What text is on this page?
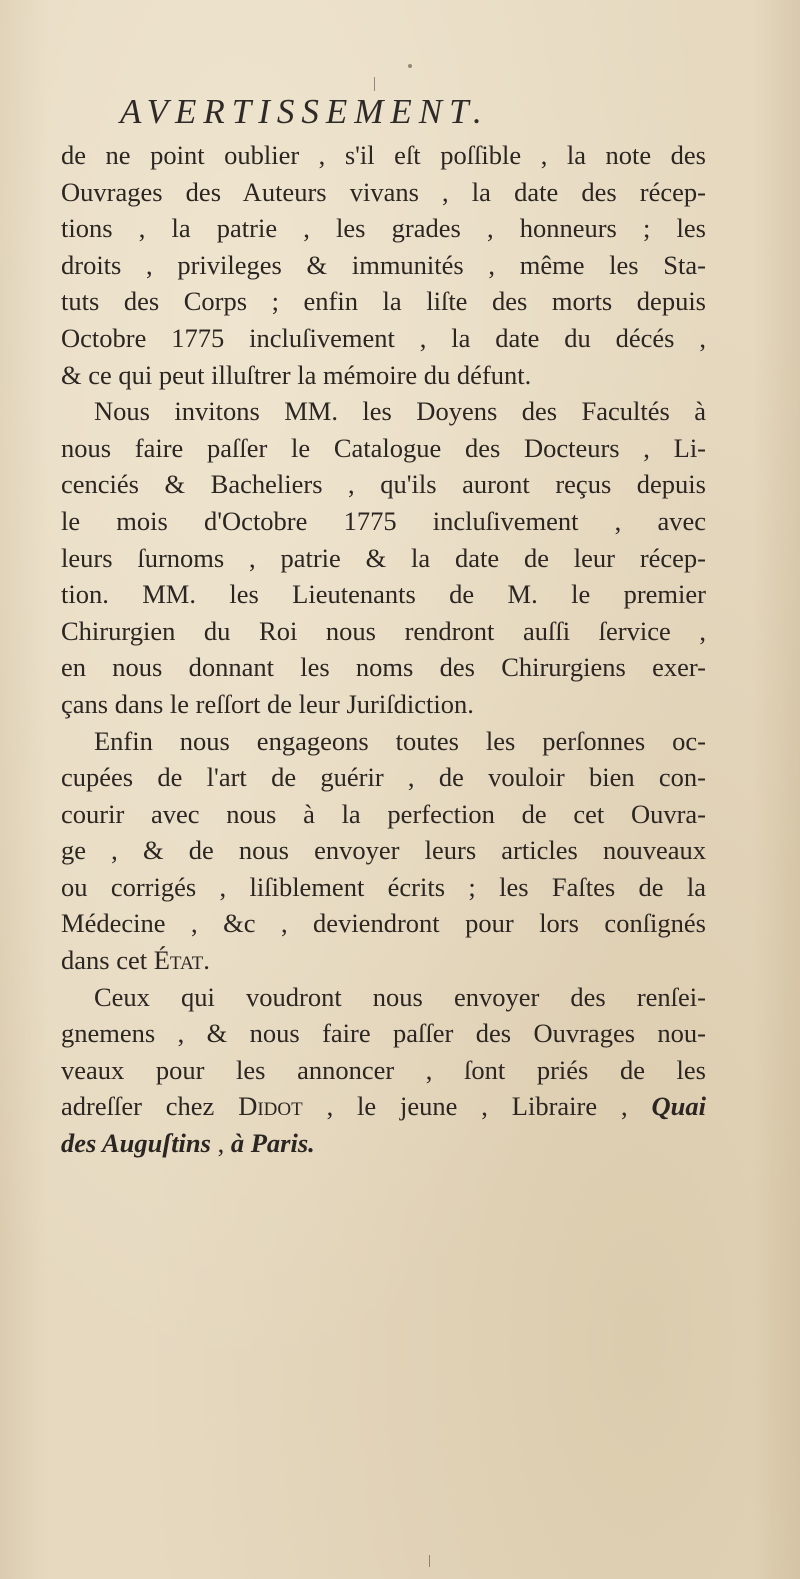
AVERTISSEMENT.
de ne point oublier , s'il eſt poſſible , la note des
Ouvrages des Auteurs vivans , la date des récep-
tions , la patrie , les grades , honneurs ; les
droits , privileges & immunités , même les Sta-
tuts des Corps ; enfin la liſte des morts depuis
Octobre 1775 incluſivement , la date du décés ,
& ce qui peut illuſtrer la mémoire du défunt.
Nous invitons MM. les Doyens des Facultés à
nous faire paſſer le Catalogue des Docteurs , Li-
cenciés & Bacheliers , qu'ils auront reçus depuis
le mois d'Octobre 1775 incluſivement , avec
leurs ſurnoms , patrie & la date de leur récep-
tion. MM. les Lieutenants de M. le premier
Chirurgien du Roi nous rendront auſſi ſervice ,
en nous donnant les noms des Chirurgiens exer-
çans dans le reſſort de leur Juriſdiction.
Enfin nous engageons toutes les perſonnes oc-
cupées de l'art de guérir , de vouloir bien con-
courir avec nous à la perfection de cet Ouvra-
ge , & de nous envoyer leurs articles nouveaux
ou corrigés , liſiblement écrits ; les Faſtes de la
Médecine , &c , deviendront pour lors conſignés
dans cet État.
Ceux qui voudront nous envoyer des renſei-
gnemens , & nous faire paſſer des Ouvrages nou-
veaux pour les annoncer , ſont priés de les
adreſſer chez Didot , le jeune , Libraire , Quai
des Auguſtins , à Paris.
